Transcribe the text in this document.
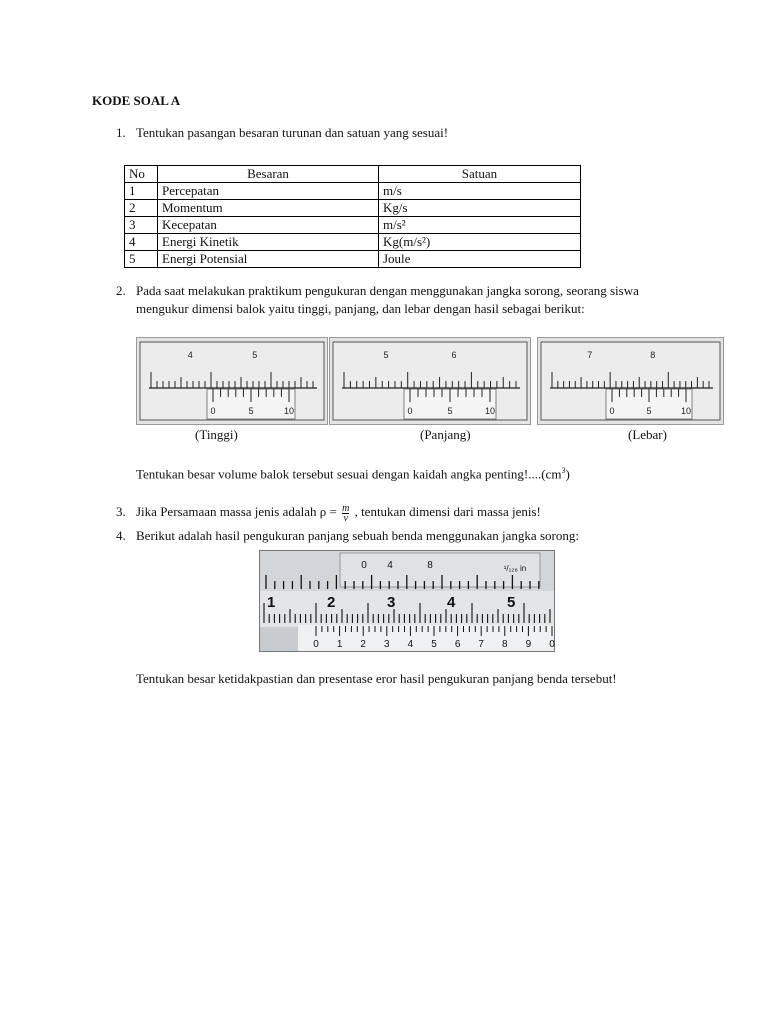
KODE SOAL A
1. Tentukan pasangan besaran turunan dan satuan yang sesuai!
No	Besaran	Satuan
1	Percepatan	m/s
2	Momentum	Kg/s
3	Kecepatan	m/s²
4	Energi Kinetik	Kg(m/s²)
5	Energi Potensial	Joule
2. Pada saat melakukan praktikum pengukuran dengan menggunakan jangka sorong, seorang siswa
mengukur dimensi balok yaitu tinggi, panjang, dan lebar dengan hasil sebagai berikut:
4	5
0	5	10
5	6
0	5	10
7	8
0	5	10
(Tinggi)	(Panjang)	(Lebar)
Tentukan besar volume balok tersebut sesuai dengan kaidah angka $penting!....(cm^3)$
3. Jika Persamaan massa jenis adalah $\rho = \frac{m}{v}$ , tentukan dimensi dari massa jenis!
4. Berikut adalah hasil pengukuran panjang sebuah benda menggunakan jangka sorong:
0 4	8	¹/₁₂₈ in
1	2	3	4	5
0 1 2 3 4 5 6 7 8 9 0
Tentukan besar ketidakpastian dan presentase eror hasil pengukuran panjang benda tersebut!
